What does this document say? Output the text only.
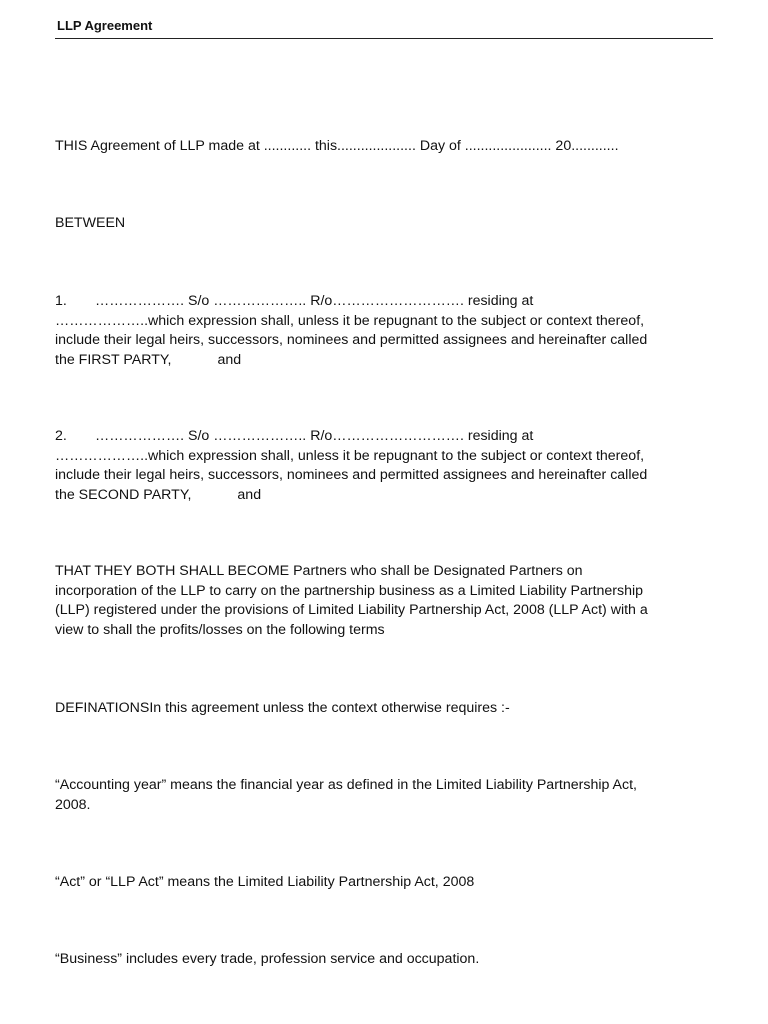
LLP Agreement

THIS Agreement of LLP made at ............ this.................... Day of ...................... 20............

BETWEEN

1. ………………. S/o ……………….. R/o………………………. residing at
………………..which expression shall, unless it be repugnant to the subject or context thereof,
include their legal heirs, successors, nominees and permitted assignees and hereinafter called
the FIRST PARTY,	and
2. ………………. S/o ……………….. R/o………………………. residing at
………………..which expression shall, unless it be repugnant to the subject or context thereof,
include their legal heirs, successors, nominees and permitted assignees and hereinafter called
the SECOND PARTY,	and
THAT THEY BOTH SHALL BECOME Partners who shall be Designated Partners on
incorporation of the LLP to carry on the partnership business as a Limited Liability Partnership
(LLP) registered under the provisions of Limited Liability Partnership Act, 2008 (LLP Act) with a
view to shall the profits/losses on the following terms

DEFINATIONSIn this agreement unless the context otherwise requires :-

“Accounting year” means the financial year as defined in the Limited Liability Partnership Act,
2008.

“Act” or “LLP Act” means the Limited Liability Partnership Act, 2008

“Business” includes every trade, profession service and occupation.
